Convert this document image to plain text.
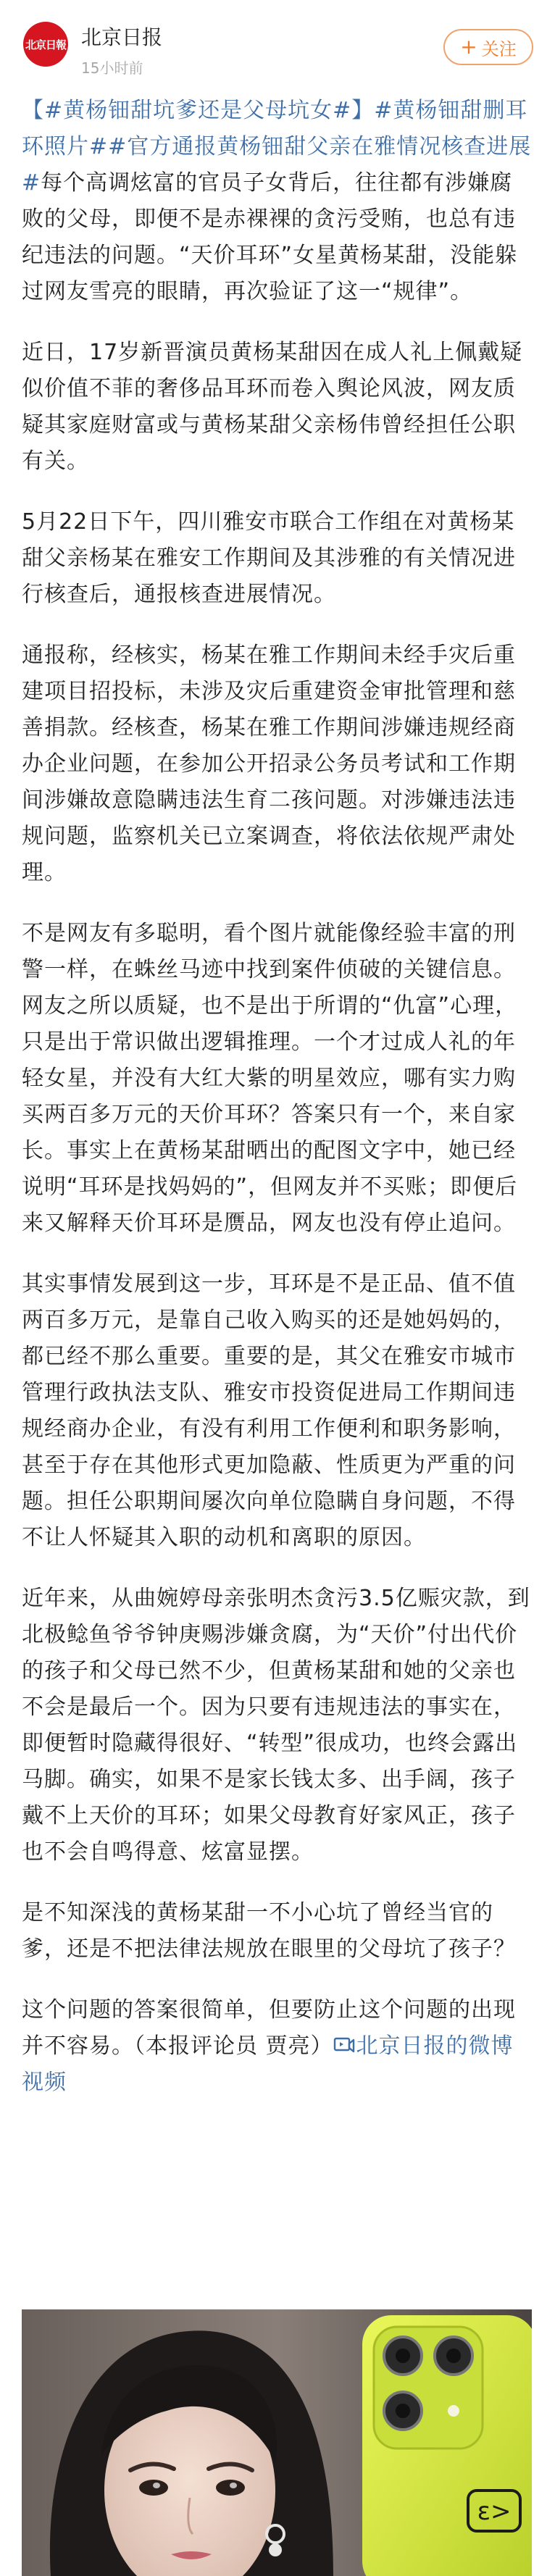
北京日報 北京日报
15小时前
+ 关注

【#黄杨钿甜坑爹还是父母坑女#】#黄杨钿甜删耳环照片##官方通报黄杨钿甜父亲在雅情况核查进展#每个高调炫富的官员子女背后，往往都有涉嫌腐败的父母，即便不是赤裸裸的贪污受贿，也总有违纪违法的问题。“天价耳环”女星黄杨某甜，没能躲过网友雪亮的眼睛，再次验证了这一“规律”。

近日，17岁新晋演员黄杨某甜因在成人礼上佩戴疑似价值不菲的奢侈品耳环而卷入舆论风波，网友质疑其家庭财富或与黄杨某甜父亲杨伟曾经担任公职有关。

5月22日下午，四川雅安市联合工作组在对黄杨某甜父亲杨某在雅安工作期间及其涉雅的有关情况进行核查后，通报核查进展情况。

通报称，经核实，杨某在雅工作期间未经手灾后重建项目招投标，未涉及灾后重建资金审批管理和慈善捐款。经核查，杨某在雅工作期间涉嫌违规经商办企业问题，在参加公开招录公务员考试和工作期间涉嫌故意隐瞒违法生育二孩问题。对涉嫌违法违规问题，监察机关已立案调查，将依法依规严肃处理。

不是网友有多聪明，看个图片就能像经验丰富的刑警一样，在蛛丝马迹中找到案件侦破的关键信息。网友之所以质疑，也不是出于所谓的“仇富”心理，只是出于常识做出逻辑推理。一个才过成人礼的年轻女星，并没有大红大紫的明星效应，哪有实力购买两百多万元的天价耳环？答案只有一个，来自家长。事实上在黄杨某甜晒出的配图文字中，她已经说明“耳环是找妈妈的”，但网友并不买账；即便后来又解释天价耳环是赝品，网友也没有停止追问。

其实事情发展到这一步，耳环是不是正品、值不值两百多万元，是靠自己收入购买的还是她妈妈的，都已经不那么重要。重要的是，其父在雅安市城市管理行政执法支队、雅安市投资促进局工作期间违规经商办企业，有没有利用工作便利和职务影响，甚至于存在其他形式更加隐蔽、性质更为严重的问题。担任公职期间屡次向单位隐瞒自身问题，不得不让人怀疑其入职的动机和离职的原因。

近年来，从曲婉婷母亲张明杰贪污3.5亿赈灾款，到北极鲶鱼爷爷钟庚赐涉嫌贪腐，为“天价”付出代价的孩子和父母已然不少，但黄杨某甜和她的父亲也不会是最后一个。因为只要有违规违法的事实在，即便暂时隐藏得很好、“转型”很成功，也终会露出马脚。确实，如果不是家长钱太多、出手阔，孩子戴不上天价的耳环；如果父母教育好家风正，孩子也不会自鸣得意、炫富显摆。

是不知深浅的黄杨某甜一不小心坑了曾经当官的爹，还是不把法律法规放在眼里的父母坑了孩子？

这个问题的答案很简单，但要防止这个问题的出现并不容易。（本报评论员 贾亮） 北京日报的微博视频

ɛ>
